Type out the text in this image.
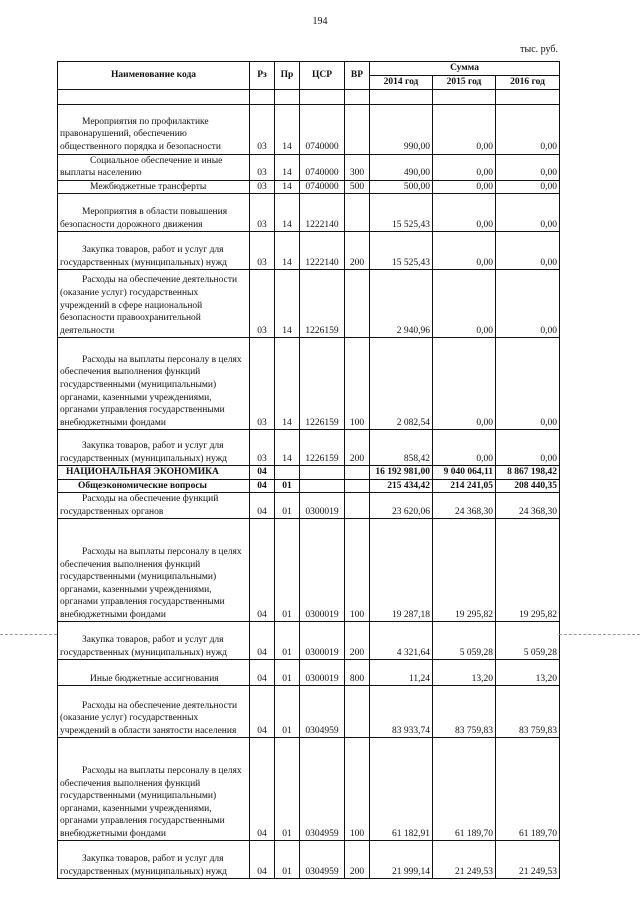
194
тыс. руб.
Наименование кода	Рз	Пр	ЦСР	ВР	Сумма		
					2014 год	2015 год	2016 год

Мероприятия по профилактике правонарушений, обеспечению общественного порядка и безопасности	03	14	0740000		990,00	0,00	0,00

Социальное обеспечение и иные выплаты населению	03	14	0740000	300	490,00	0,00	0,00

Межбюджетные трансферты	03	14	0740000	500	500,00	0,00	0,00

Мероприятия в области повышения безопасности дорожного движения	03	14	1222140		15 525,43	0,00	0,00

Закупка товаров, работ и услуг для государственных (муниципальных) нужд	03	14	1222140	200	15 525,43	0,00	0,00

Расходы на обеспечение деятельности (оказание услуг) государственных учреждений в сфере национальной безопасности правоохранительной деятельности	03	14	1226159		2 940,96	0,00	0,00

Расходы на выплаты персоналу в целях обеспечения выполнения функций государственными (муниципальными) органами, казенными учреждениями, органами управления государственными внебюджетными фондами	03	14	1226159	100	2 082,54	0,00	0,00

Закупка товаров, работ и услуг для государственных (муниципальных) нужд	03	14	1226159	200	858,42	0,00	0,00

НАЦИОНАЛЬНАЯ ЭКОНОМИКА	04				16 192 981,00	9 040 064,11	8 867 198,42

Общеэкономические вопросы	04	01			215 434,42	214 241,05	208 440,35

Расходы на обеспечение функций государственных органов	04	01	0300019		23 620,06	24 368,30	24 368,30

Расходы на выплаты персоналу в целях обеспечения выполнения функций государственными (муниципальными) органами, казенными учреждениями, органами управления государственными внебюджетными фондами	04	01	0300019	100	19 287,18	19 295,82	19 295,82

Закупка товаров, работ и услуг для государственных (муниципальных) нужд	04	01	0300019	200	4 321,64	5 059,28	5 059,28

Иные бюджетные ассигнования	04	01	0300019	800	11,24	13,20	13,20

Расходы на обеспечение деятельности (оказание услуг) государственных учреждений в области занятости населения	04	01	0304959		83 933,74	83 759,83	83 759,83

Расходы на выплаты персоналу в целях обеспечения выполнения функций государственными (муниципальными) органами, казенными учреждениями, органами управления государственными внебюджетными фондами	04	01	0304959	100	61 182,91	61 189,70	61 189,70

Закупка товаров, работ и услуг для государственных (муниципальных) нужд	04	01	0304959	200	21 999,14	21 249,53	21 249,53
